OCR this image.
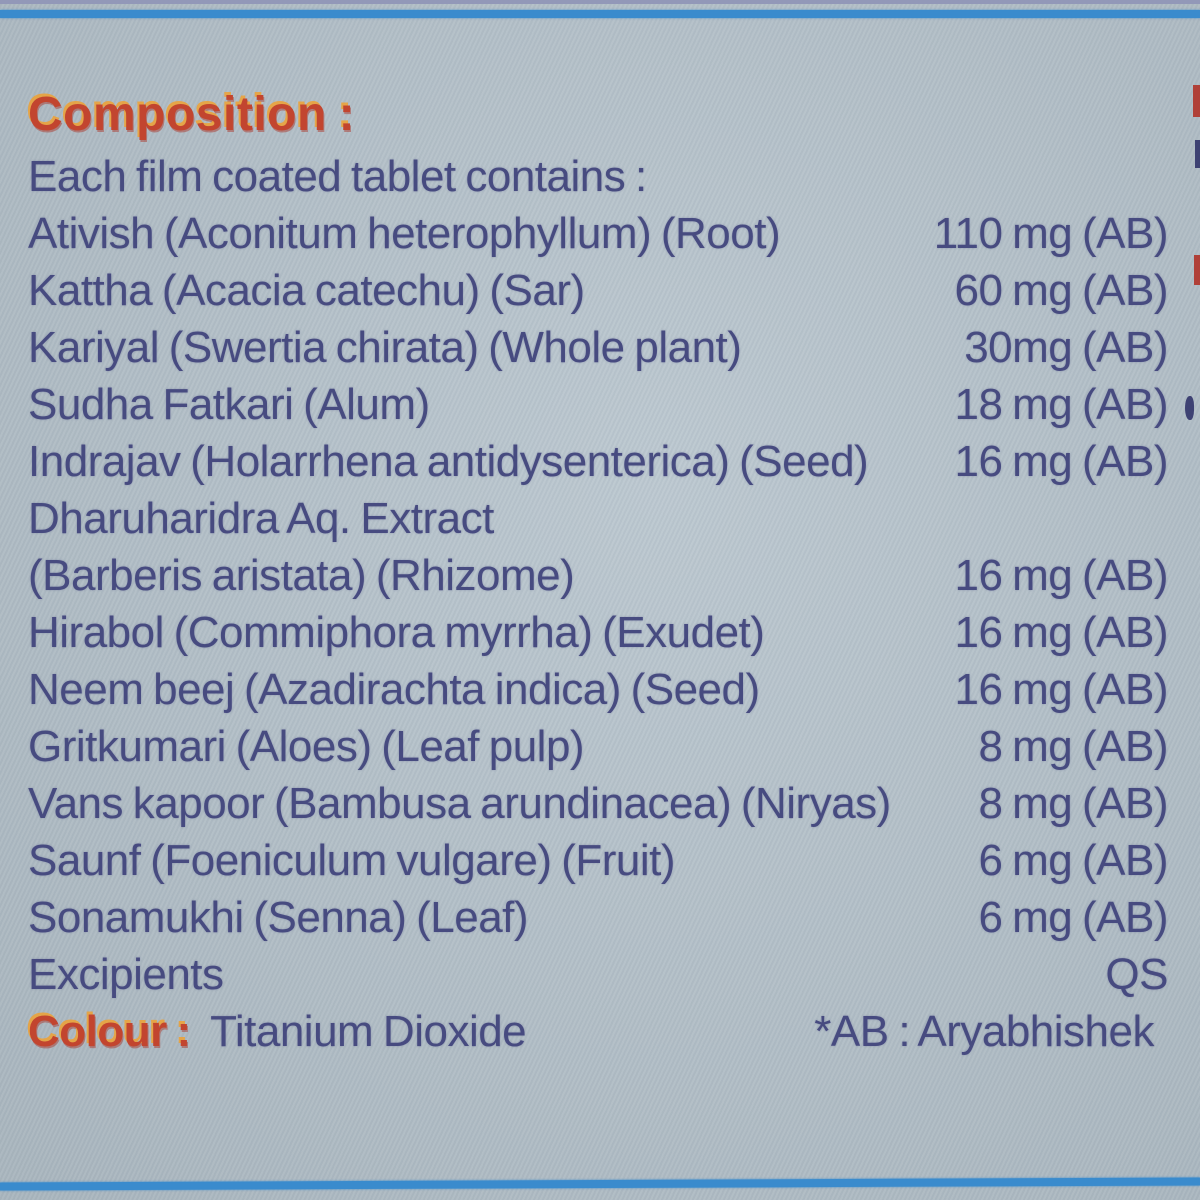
Composition :
Each film coated tablet contains :
Ativish (Aconitum heterophyllum) (Root)	110 mg (AB)
Kattha (Acacia catechu) (Sar)	60 mg (AB)
Kariyal (Swertia chirata) (Whole plant)	30mg (AB)
Sudha Fatkari (Alum)	18 mg (AB)
Indrajav (Holarrhena antidysenterica) (Seed) 16 mg (AB)
Dharuharidra Aq. Extract
(Barberis aristata) (Rhizome)	16 mg (AB)
Hirabol (Commiphora myrrha) (Exudet)	16 mg (AB)
Neem beej (Azadirachta indica) (Seed)	16 mg (AB)
Gritkumari (Aloes) (Leaf pulp)	8 mg (AB)
Vans kapoor (Bambusa arundinacea) (Niryas) 8 mg (AB)
Saunf (Foeniculum vulgare) (Fruit)	6 mg (AB)
Sonamukhi (Senna) (Leaf)	6 mg (AB)
Excipients	QS
Colour : Titanium Dioxide	*AB : Aryabhishek
